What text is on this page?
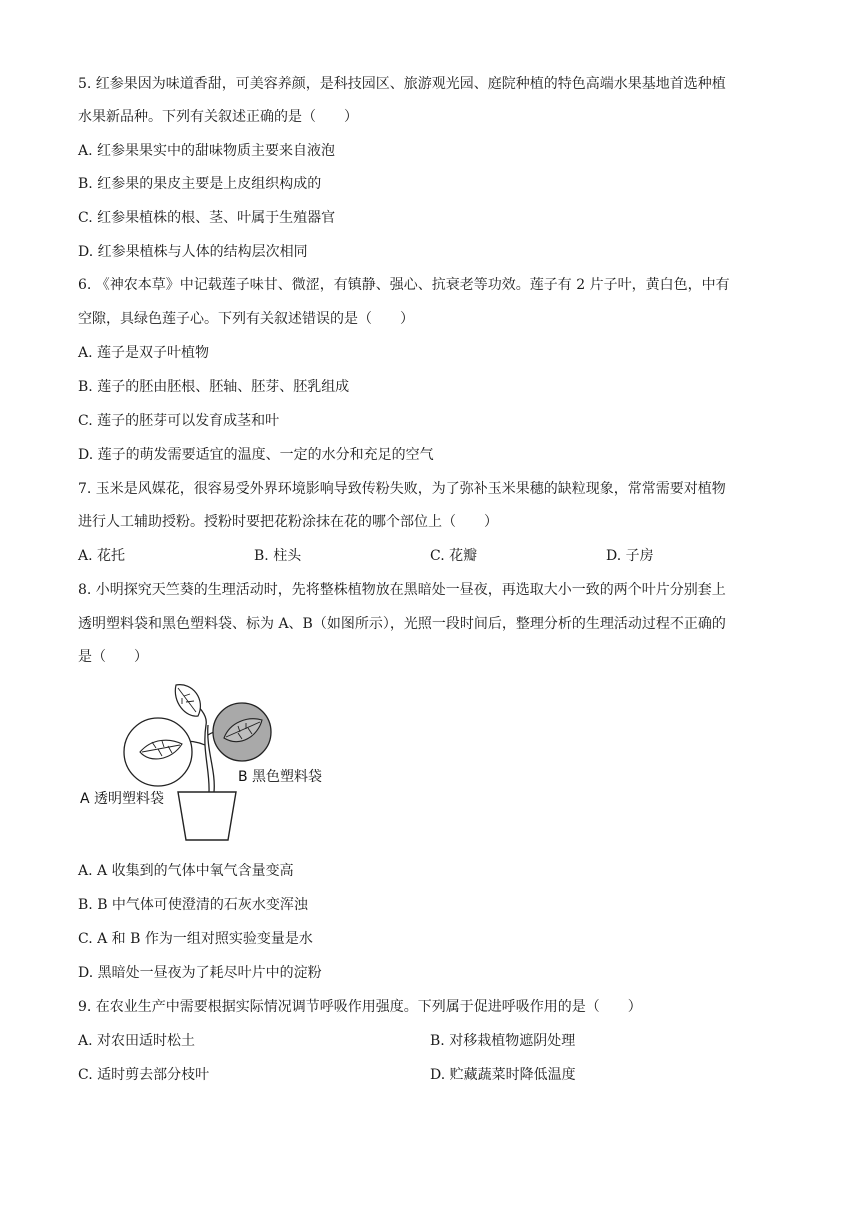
5. 红参果因为味道香甜，可美容养颜，是科技园区、旅游观光园、庭院种植的特色高端水果基地首选种植
水果新品种。下列有关叙述正确的是（　　）
A. 红参果果实中的甜味物质主要来自液泡
B. 红参果的果皮主要是上皮组织构成的
C. 红参果植株的根、茎、叶属于生殖器官
D. 红参果植株与人体的结构层次相同
6. 《神农本草》中记载莲子味甘、微涩，有镇静、强心、抗衰老等功效。莲子有 2 片子叶，黄白色，中有
空隙，具绿色莲子心。下列有关叙述错误的是（　　）
A. 莲子是双子叶植物
B. 莲子的胚由胚根、胚轴、胚芽、胚乳组成
C. 莲子的胚芽可以发育成茎和叶
D. 莲子的萌发需要适宜的温度、一定的水分和充足的空气
7. 玉米是风媒花，很容易受外界环境影响导致传粉失败，为了弥补玉米果穗的缺粒现象，常常需要对植物
进行人工辅助授粉。授粉时要把花粉涂抹在花的哪个部位上（　　）
A. 花托	B. 柱头	C. 花瓣	D. 子房
8. 小明探究天竺葵的生理活动时，先将整株植物放在黑暗处一昼夜，再选取大小一致的两个叶片分别套上
透明塑料袋和黑色塑料袋、标为 A、B（如图所示），光照一段时间后，整理分析的生理活动过程不正确的
是（　　）
A 透明塑料袋
B 黑色塑料袋
A. A 收集到的气体中氧气含量变高
B. B 中气体可使澄清的石灰水变浑浊
C. A 和 B 作为一组对照实验变量是水
D. 黑暗处一昼夜为了耗尽叶片中的淀粉
9. 在农业生产中需要根据实际情况调节呼吸作用强度。下列属于促进呼吸作用的是（　　）
A. 对农田适时松土	B. 对移栽植物遮阴处理
C. 适时剪去部分枝叶	D. 贮藏蔬菜时降低温度
